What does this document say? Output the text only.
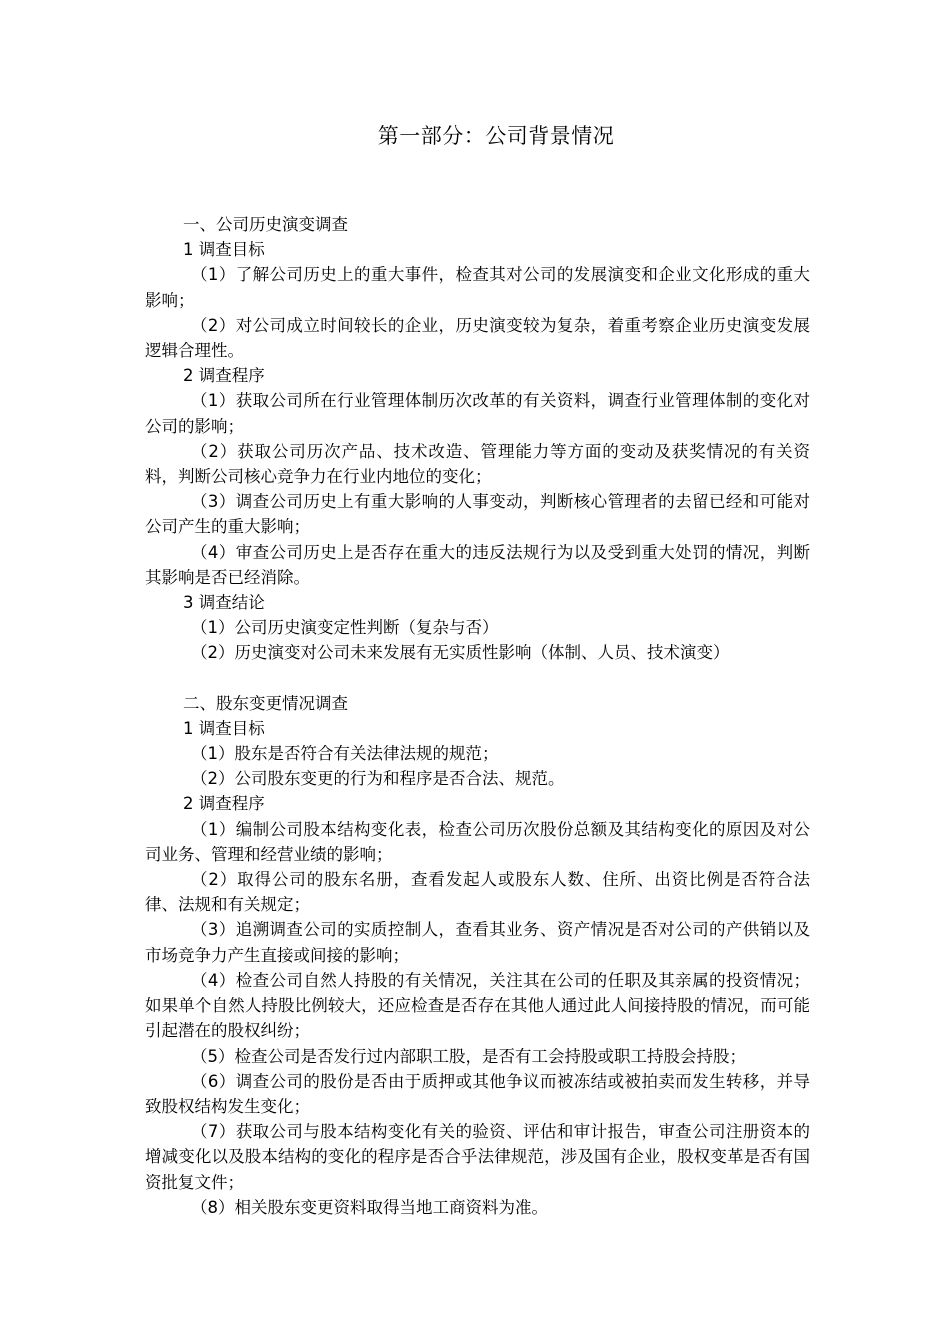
第一部分：公司背景情况
一、公司历史演变调查
1 调查目标
（1）了解公司历史上的重大事件，检查其对公司的发展演变和企业文化形成的重大影响；
（2）对公司成立时间较长的企业，历史演变较为复杂，着重考察企业历史演变发展逻辑合理性。
2 调查程序
（1）获取公司所在行业管理体制历次改革的有关资料，调查行业管理体制的变化对公司的影响；
（2）获取公司历次产品、技术改造、管理能力等方面的变动及获奖情况的有关资料，判断公司核心竞争力在行业内地位的变化；
（3）调查公司历史上有重大影响的人事变动，判断核心管理者的去留已经和可能对公司产生的重大影响；
（4）审查公司历史上是否存在重大的违反法规行为以及受到重大处罚的情况，判断其影响是否已经消除。
3 调查结论
（1）公司历史演变定性判断（复杂与否）
（2）历史演变对公司未来发展有无实质性影响（体制、人员、技术演变）
二、股东变更情况调查
1 调查目标
（1）股东是否符合有关法律法规的规范；
（2）公司股东变更的行为和程序是否合法、规范。
2 调查程序
（1）编制公司股本结构变化表，检查公司历次股份总额及其结构变化的原因及对公司业务、管理和经营业绩的影响；
（2）取得公司的股东名册，查看发起人或股东人数、住所、出资比例是否符合法律、法规和有关规定；
（3）追溯调查公司的实质控制人，查看其业务、资产情况是否对公司的产供销以及市场竞争力产生直接或间接的影响；
（4）检查公司自然人持股的有关情况，关注其在公司的任职及其亲属的投资情况；如果单个自然人持股比例较大，还应检查是否存在其他人通过此人间接持股的情况，而可能引起潜在的股权纠纷；
（5）检查公司是否发行过内部职工股，是否有工会持股或职工持股会持股；
（6）调查公司的股份是否由于质押或其他争议而被冻结或被拍卖而发生转移，并导致股权结构发生变化；
（7）获取公司与股本结构变化有关的验资、评估和审计报告，审查公司注册资本的增减变化以及股本结构的变化的程序是否合乎法律规范，涉及国有企业，股权变革是否有国资批复文件；
（8）相关股东变更资料取得当地工商资料为准。
